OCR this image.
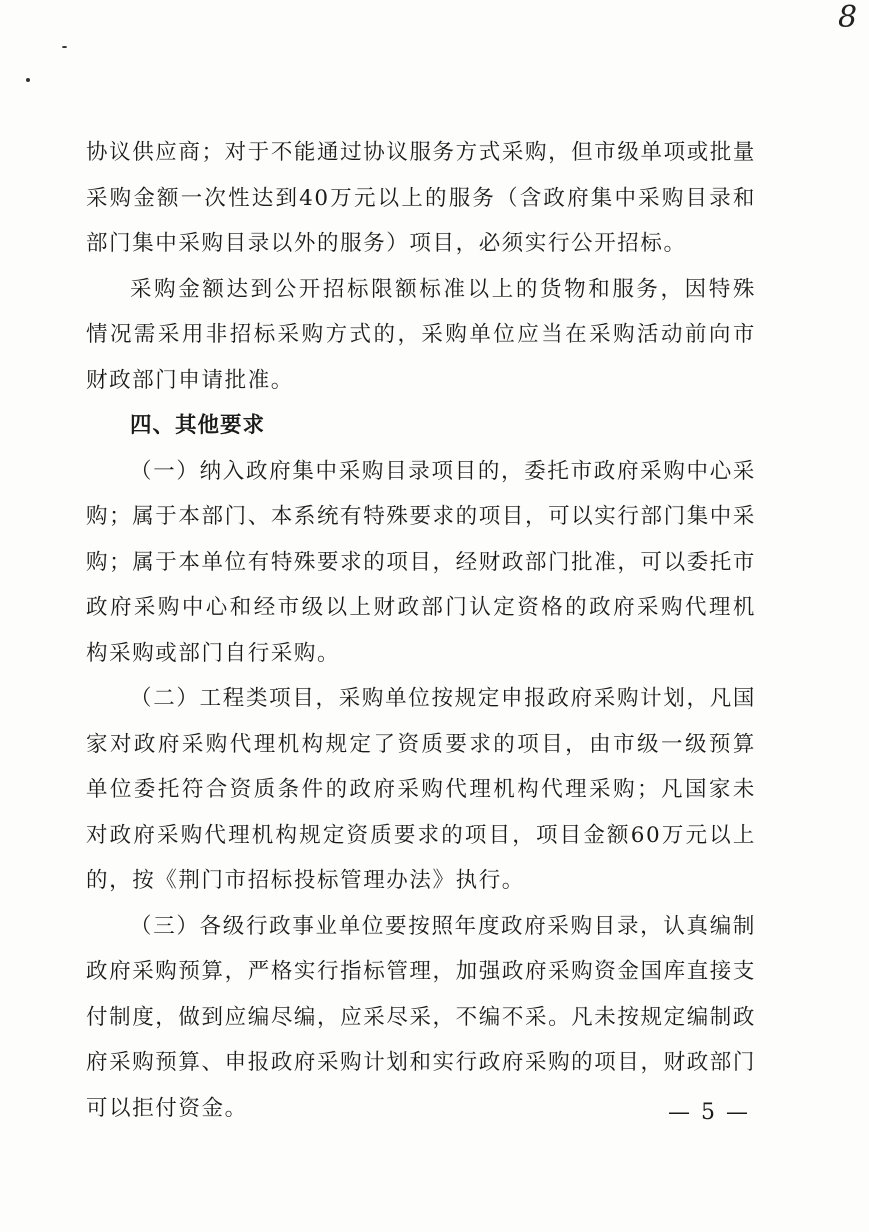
8
协议供应商；对于不能通过协议服务方式采购，但市级单项或批量
采购金额一次性达到40万元以上的服务（含政府集中采购目录和
部门集中采购目录以外的服务）项目，必须实行公开招标。
采购金额达到公开招标限额标准以上的货物和服务，因特殊
情况需采用非招标采购方式的，采购单位应当在采购活动前向市
财政部门申请批准。
四、其他要求
（一）纳入政府集中采购目录项目的，委托市政府采购中心采
购；属于本部门、本系统有特殊要求的项目，可以实行部门集中采
购；属于本单位有特殊要求的项目，经财政部门批准，可以委托市
政府采购中心和经市级以上财政部门认定资格的政府采购代理机
构采购或部门自行采购。
（二）工程类项目，采购单位按规定申报政府采购计划，凡国
家对政府采购代理机构规定了资质要求的项目，由市级一级预算
单位委托符合资质条件的政府采购代理机构代理采购；凡国家未
对政府采购代理机构规定资质要求的项目，项目金额60万元以上
的，按《荆门市招标投标管理办法》执行。
（三）各级行政事业单位要按照年度政府采购目录，认真编制
政府采购预算，严格实行指标管理，加强政府采购资金国库直接支
付制度，做到应编尽编，应采尽采，不编不采。凡未按规定编制政
府采购预算、申报政府采购计划和实行政府采购的项目，财政部门
可以拒付资金。	— 5 —
